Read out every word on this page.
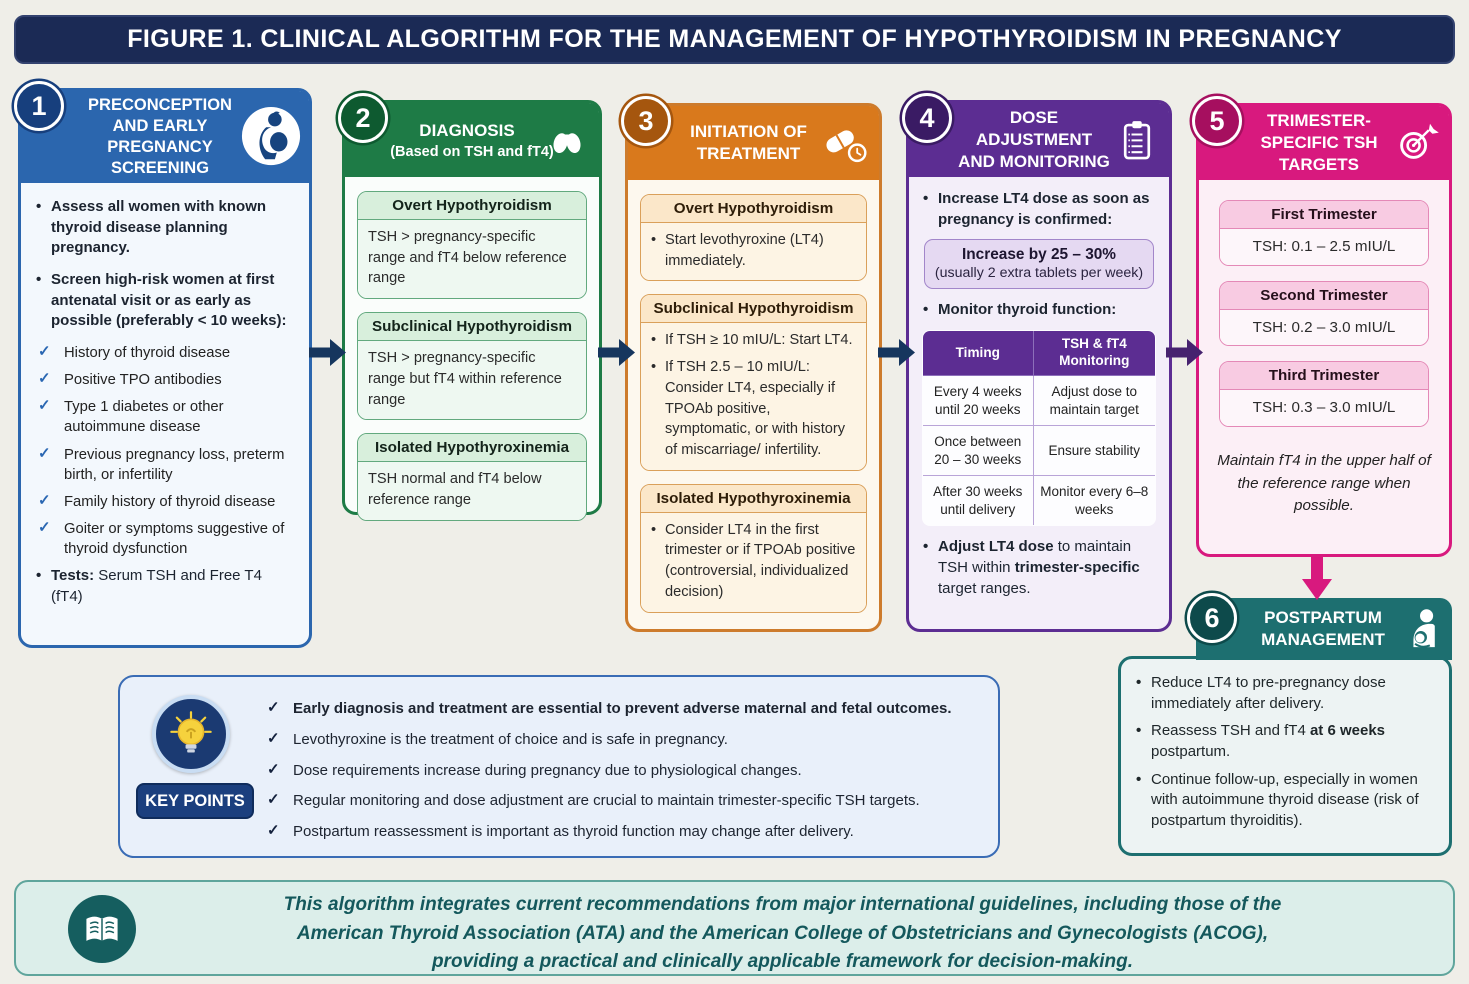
FIGURE 1. CLINICAL ALGORITHM FOR THE MANAGEMENT OF HYPOTHYROIDISM IN PREGNANCY
1	PRECONCEPTION AND EARLY PREGNANCY SCREENING
• Assess all women with known thyroid disease planning pregnancy.
• Screen high-risk women at first antenatal visit or as early as possible (preferably < 10 weeks):
✓ History of thyroid disease
✓ Positive TPO antibodies
✓ Type 1 diabetes or other autoimmune disease
✓ Previous pregnancy loss, preterm birth, or infertility
✓ Family history of thyroid disease
✓ Goiter or symptoms suggestive of thyroid dysfunction
• Tests: Serum TSH and Free T4 (fT4)
2	DIAGNOSIS
(Based on TSH and fT4)
Overt Hypothyroidism
TSH > pregnancy-specific range and fT4 below reference range
Subclinical Hypothyroidism
TSH > pregnancy-specific range but fT4 within reference range
Isolated Hypothyroxinemia
TSH normal and fT4 below reference range
3	INITIATION OF TREATMENT
Overt Hypothyroidism
• Start levothyroxine (LT4) immediately.
Subclinical Hypothyroidism
• If TSH ≥ 10 mIU/L: Start LT4.
• If TSH 2.5 – 10 mIU/L: Consider LT4, especially if TPOAb positive, symptomatic, or with history of miscarriage/ infertility.
Isolated Hypothyroxinemia
• Consider LT4 in the first trimester or if TPOAb positive (controversial, individualized decision)
4	DOSE ADJUSTMENT AND MONITORING
• Increase LT4 dose as soon as pregnancy is confirmed:
Increase by 25 – 30%
(usually 2 extra tablets per week)
• Monitor thyroid function:
Timing	TSH & fT4 Monitoring
Every 4 weeks until 20 weeks	Adjust dose to maintain target
Once between 20 – 30 weeks	Ensure stability
After 30 weeks until delivery	Monitor every 6–8 weeks
• Adjust LT4 dose to maintain TSH within trimester-specific target ranges.
5	TRIMESTER-SPECIFIC TSH TARGETS
First Trimester
TSH: 0.1 – 2.5 mIU/L
Second Trimester
TSH: 0.2 – 3.0 mIU/L
Third Trimester
TSH: 0.3 – 3.0 mIU/L
Maintain fT4 in the upper half of the reference range when possible.
6	POSTPARTUM MANAGEMENT
• Reduce LT4 to pre-pregnancy dose immediately after delivery.
• Reassess TSH and fT4 at 6 weeks postpartum.
• Continue follow-up, especially in women with autoimmune thyroid disease (risk of postpartum thyroiditis).
KEY POINTS
✓ Early diagnosis and treatment are essential to prevent adverse maternal and fetal outcomes.
✓ Levothyroxine is the treatment of choice and is safe in pregnancy.
✓ Dose requirements increase during pregnancy due to physiological changes.
✓ Regular monitoring and dose adjustment are crucial to maintain trimester-specific TSH targets.
✓ Postpartum reassessment is important as thyroid function may change after delivery.
This algorithm integrates current recommendations from major international guidelines, including those of the
American Thyroid Association (ATA) and the American College of Obstetricians and Gynecologists (ACOG),
providing a practical and clinically applicable framework for decision-making.
